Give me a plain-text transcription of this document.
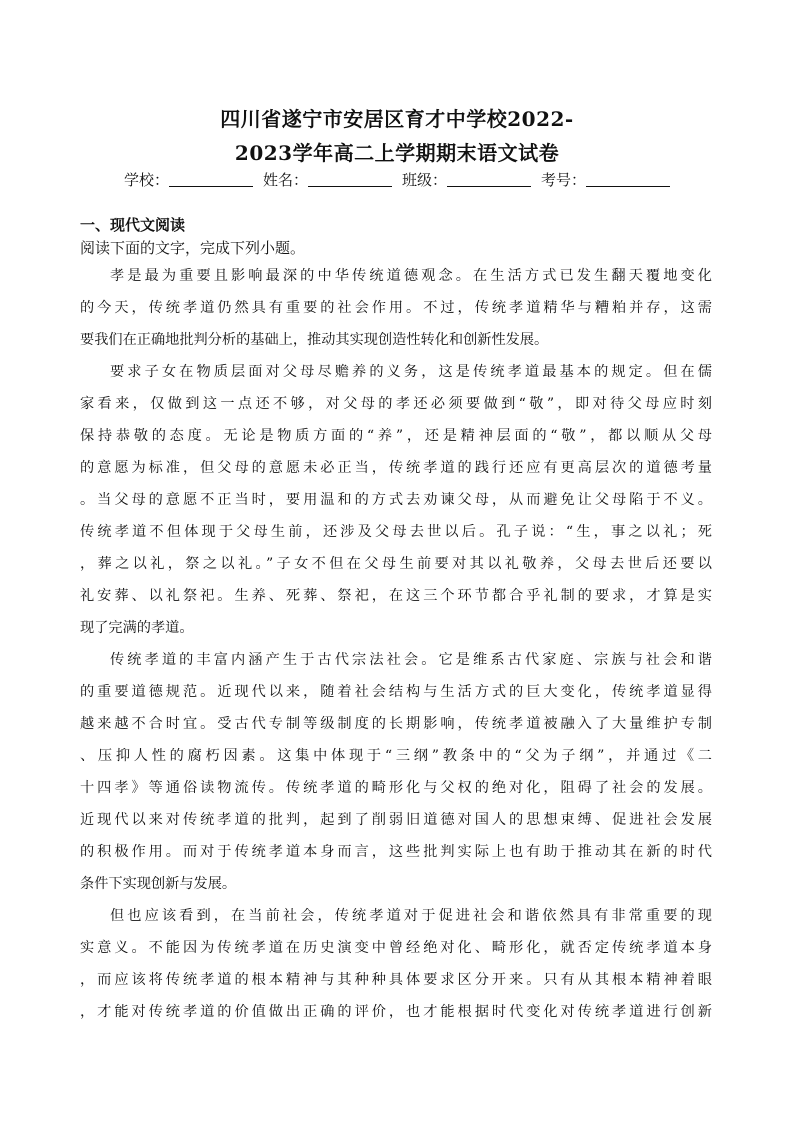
四川省遂宁市安居区育才中学校2022-
2023学年高二上学期期末语文试卷
学校：	姓名：	班级：	考号：
一、现代文阅读
阅读下面的文字，完成下列小题。
孝是最为重要且影响最深的中华传统道德观念。在生活方式已发生翻天覆地变化
的今天，传统孝道仍然具有重要的社会作用。不过，传统孝道精华与糟粕并存，这需
要我们在正确地批判分析的基础上，推动其实现创造性转化和创新性发展。
要求子女在物质层面对父母尽赡养的义务，这是传统孝道最基本的规定。但在儒
家看来，仅做到这一点还不够，对父母的孝还必须要做到“敬”，即对待父母应时刻
保持恭敬的态度。无论是物质方面的“养”，还是精神层面的“敬”，都以顺从父母
的意愿为标准，但父母的意愿未必正当，传统孝道的践行还应有更高层次的道德考量
。当父母的意愿不正当时，要用温和的方式去劝谏父母，从而避免让父母陷于不义。
传统孝道不但体现于父母生前，还涉及父母去世以后。孔子说：“生，事之以礼；死
，葬之以礼，祭之以礼。”子女不但在父母生前要对其以礼敬养，父母去世后还要以
礼安葬、以礼祭祀。生养、死葬、祭祀，在这三个环节都合乎礼制的要求，才算是实
现了完满的孝道。
传统孝道的丰富内涵产生于古代宗法社会。它是维系古代家庭、宗族与社会和谐
的重要道德规范。近现代以来，随着社会结构与生活方式的巨大变化，传统孝道显得
越来越不合时宜。受古代专制等级制度的长期影响，传统孝道被融入了大量维护专制
、压抑人性的腐朽因素。这集中体现于“三纲”教条中的“父为子纲”，并通过《二
十四孝》等通俗读物流传。传统孝道的畸形化与父权的绝对化，阻碍了社会的发展。
近现代以来对传统孝道的批判，起到了削弱旧道德对国人的思想束缚、促进社会发展
的积极作用。而对于传统孝道本身而言，这些批判实际上也有助于推动其在新的时代
条件下实现创新与发展。
但也应该看到，在当前社会，传统孝道对于促进社会和谐依然具有非常重要的现
实意义。不能因为传统孝道在历史演变中曾经绝对化、畸形化，就否定传统孝道本身
，而应该将传统孝道的根本精神与其种种具体要求区分开来。只有从其根本精神着眼
，才能对传统孝道的价值做出正确的评价，也才能根据时代变化对传统孝道进行创新
